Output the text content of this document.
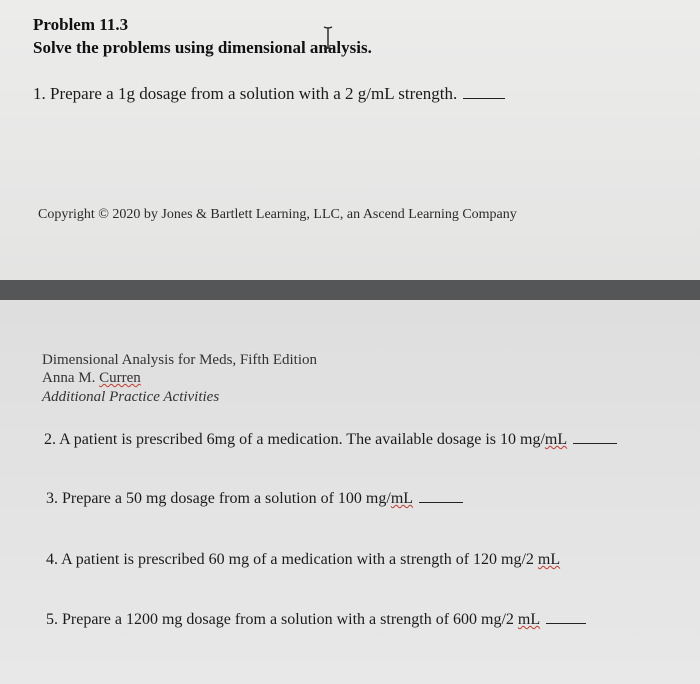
Problem 11.3
Solve the problems using dimensional analysis.
1. Prepare a 1g dosage from a solution with a 2 g/mL strength.
Copyright © 2020 by Jones & Bartlett Learning, LLC, an Ascend Learning Company
Dimensional Analysis for Meds, Fifth Edition
Anna M. Curren
Additional Practice Activities
2. A patient is prescribed 6mg of a medication. The available dosage is 10 mg/mL
3. Prepare a 50 mg dosage from a solution of 100 mg/mL
4. A patient is prescribed 60 mg of a medication with a strength of 120 mg/2 mL
5. Prepare a 1200 mg dosage from a solution with a strength of 600 mg/2 mL
